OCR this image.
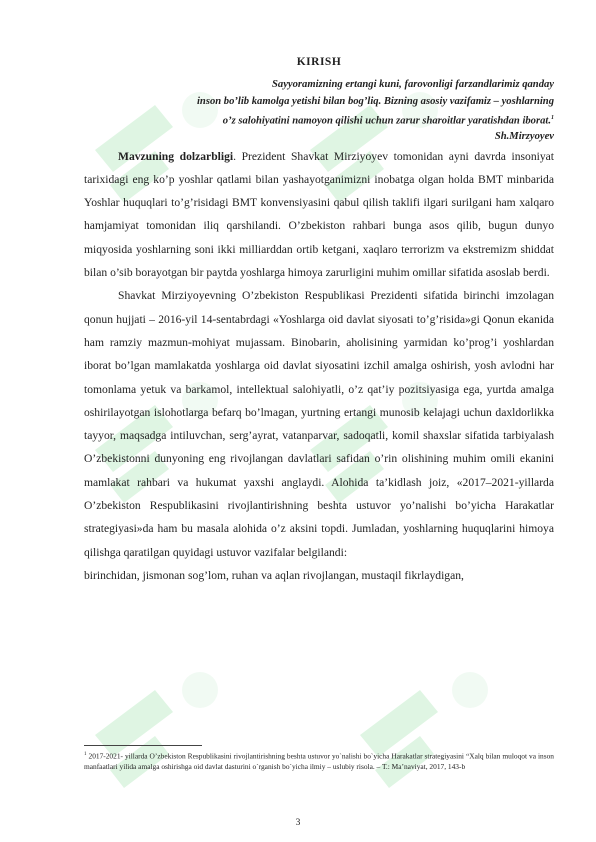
KIRISH

Sayyoramizning ertangi kuni, farovonligi farzandlarimiz qanday

inson bo’lib kamolga yetishi bilan bog’liq. Bizning asosiy vazifamiz – yoshlarning

o’z salohiyatini namoyon qilishi uchun zarur sharoitlar yaratishdan iborat.$^1$

Sh.Mirzyoyev

Mavzuning dolzarbligi. Prezident Shavkat Mirziyoyev tomonidan ayni davrda insoniyat tarixidagi eng ko’p yoshlar qatlami bilan yashayotganimizni inobatga olgan holda BMT minbarida Yoshlar huquqlari to’g’risidagi BMT konvensiyasini qabul qilish taklifi ilgari surilgani ham xalqaro hamjamiyat tomonidan iliq qarshilandi. O’zbekiston rahbari bunga asos qilib, bugun dunyo miqyosida yoshlarning soni ikki milliarddan ortib ketgani, xaqlaro terrorizm va ekstremizm shiddat bilan o’sib borayotgan bir paytda yoshlarga himoya zarurligini muhim omillar sifatida asoslab berdi.

Shavkat Mirziyoyevning O’zbekiston Respublikasi Prezidenti sifatida birinchi imzolagan qonun hujjati – 2016-yil 14-sentabrdagi «Yoshlarga oid davlat siyosati to’g’risida»gi Qonun ekanida ham ramziy mazmun-mohiyat mujassam. Binobarin, aholisining yarmidan ko’prog’i yoshlardan iborat bo’lgan mamlakatda yoshlarga oid davlat siyosatini izchil amalga oshirish, yosh avlodni har tomonlama yetuk va barkamol, intellektual salohiyatli, o’z qat’iy pozitsiyasiga ega, yurtda amalga oshirilayotgan islohotlarga befarq bo’lmagan, yurtning ertangi munosib kelajagi uchun daxldorlikka tayyor, maqsadga intiluvchan, serg’ayrat, vatanparvar, sadoqatli, komil shaxslar sifatida tarbiyalash O’zbekistonni dunyoning eng rivojlangan davlatlari safidan o’rin olishining muhim omili ekanini mamlakat rahbari va hukumat yaxshi anglaydi. Alohida ta’kidlash joiz, «2017–2021-yillarda O’zbekiston Respublikasini rivojlantirishning beshta ustuvor yo’nalishi bo’yicha Harakatlar strategiyasi»da ham bu masala alohida o’z aksini topdi. Jumladan, yoshlarning huquqlarini himoya qilishga qaratilgan quyidagi ustuvor vazifalar belgilandi:

birinchidan, jismonan sog’lom, ruhan va aqlan rivojlangan, mustaqil fikrlaydigan,

$^1$ 2017-2021- yillarda O’zbekiston Respublikasini rivojlantirishning beshta ustuvor yo`nalishi bo`yicha Harakatlar strategiyasini “Xalq bilan muloqot va inson manfaatlari yilida amalga oshirishga oid davlat dasturini o`rganish bo`yicha ilmiy – uslubiy risola. – T.: Ma’naviyat, 2017, 143-b
3
